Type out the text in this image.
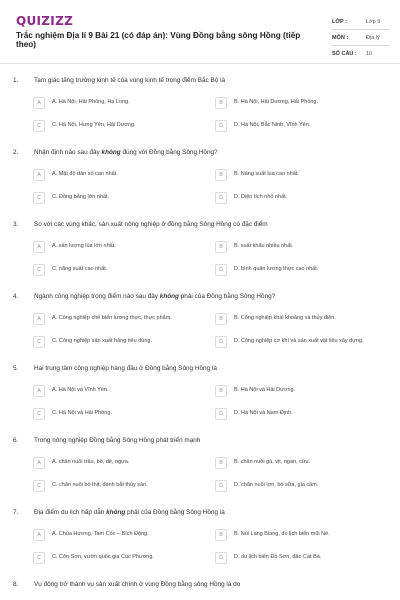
QUIZIZZ
Trắc nghiệm Địa lí 9 Bài 21 (có đáp án): Vùng Đồng bằng sông Hồng (tiếp theo)
LỚP :	Lớp 9
MÔN :	Địa lý
SỐ CÂU :	10
1.	Tam giác tăng trưởng kinh tế của vùng kinh tế trọng điểm Bắc Bộ là
A	A. Hà Nội, Hải Phòng, Hạ Long.	B	B. Hà Nội, Hải Dương, Hải Phòng.
C	C. Hà Nội, Hưng Yên, Hải Dương.	D	D. Hà Nội, Bắc Ninh, Vĩnh Yên.
2.	Nhận định nào sau đây không đúng với Đồng bằng Sông Hồng?
A	A. Mật độ dân số cao nhất.	B	B. Năng suất lúa cao nhất.
C	C. Đồng bằng lớn nhất.	D	D. Diện tích nhỏ nhất.
3.	So với các vùng khác, sản xuất nông nghiệp ở đồng bằng Sông Hồng có đặc điểm
A	A. sản lượng lúa lớn nhất.	B	B. xuất khẩu nhiều nhất.
C	C. năng suất cao nhất.	D	D. bình quân lương thực cao nhất.
4.	Ngành công nghiệp trọng điểm nào sau đây không phải của Đồng bằng Sông Hồng?
A	A. Công nghiệp chế biến lương thực, thực phẩm.	B	B. Công nghiệp khai khoáng và thủy điện.
C	C. Công nghiệp sản xuất hàng tiêu dùng.	D	D. Công nghiệp cơ khí và sản xuất vật liệu xây dựng.
5.	Hai trung tâm công nghiệp hàng đầu ở Đồng bằng Sông Hồng là
A	A. Hà Nội và Vĩnh Yên.	B	B. Hà Nội và Hải Dương.
C	C. Hà Nội và Hải Phòng.	D	D. Hà Nội và Nam Định.
6.	Trong nông nghiệp Đồng bằng Sông Hồng phát triển mạnh
A	A. chăn nuôi trâu, bò, dê, ngựa.	B	B. chăn nuôi gà, vịt, ngan, cừu.
C	C. chăn nuôi bò thịt, đánh bắt thủy sản.	D	D. chăn nuôi lợn, bò sữa, gia cầm.
7.	Địa điểm du lịch hấp dẫn không phải của Đồng bằng Sông Hồng là
A	A. Chùa Hương, Tam Cốc – Bích Động.	B	B. Núi Lang Biang, du lịch biển mũi Né.
C	C. Côn Sơn, vườn quốc gia Cúc Phương.	D	D. du lịch biển Đồ Sơn, đảo Cát Bà.
8.	Vụ đông trở thành vụ sản xuất chính ở vùng Đồng bằng sông Hồng là do
